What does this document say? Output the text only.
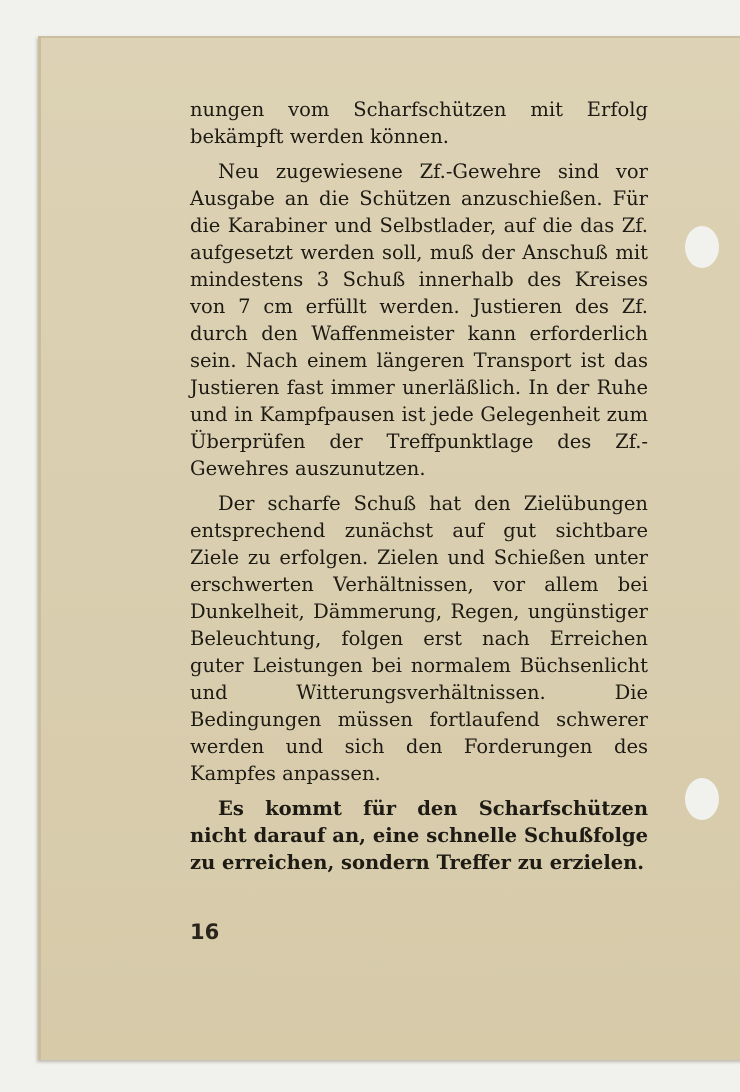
nungen vom Scharfschützen mit Erfolg bekämpft werden können.

Neu zugewiesene Zf.-Gewehre sind vor Ausgabe an die Schützen anzuschießen. Für die Karabiner und Selbstlader, auf die das Zf. aufgesetzt werden soll, muß der Anschuß mit mindestens 3 Schuß innerhalb des Kreises von 7 cm erfüllt werden. Justieren des Zf. durch den Waffenmeister kann erforderlich sein. Nach einem längeren Transport ist das Justieren fast immer unerläßlich. In der Ruhe und in Kampfpausen ist jede Gelegenheit zum Überprüfen der Treffpunktlage des Zf.-Gewehres auszunutzen.

Der scharfe Schuß hat den Zielübungen entsprechend zunächst auf gut sichtbare Ziele zu erfolgen. Zielen und Schießen unter erschwerten Verhältnissen, vor allem bei Dunkelheit, Dämmerung, Regen, ungünstiger Beleuchtung, folgen erst nach Erreichen guter Leistungen bei normalem Büchsenlicht und Witterungsverhältnissen. Die Bedingungen müssen fortlaufend schwerer werden und sich den Forderungen des Kampfes anpassen.

Es kommt für den Scharfschützen nicht darauf an, eine schnelle Schußfolge zu erreichen, sondern Treffer zu erzielen.

16
